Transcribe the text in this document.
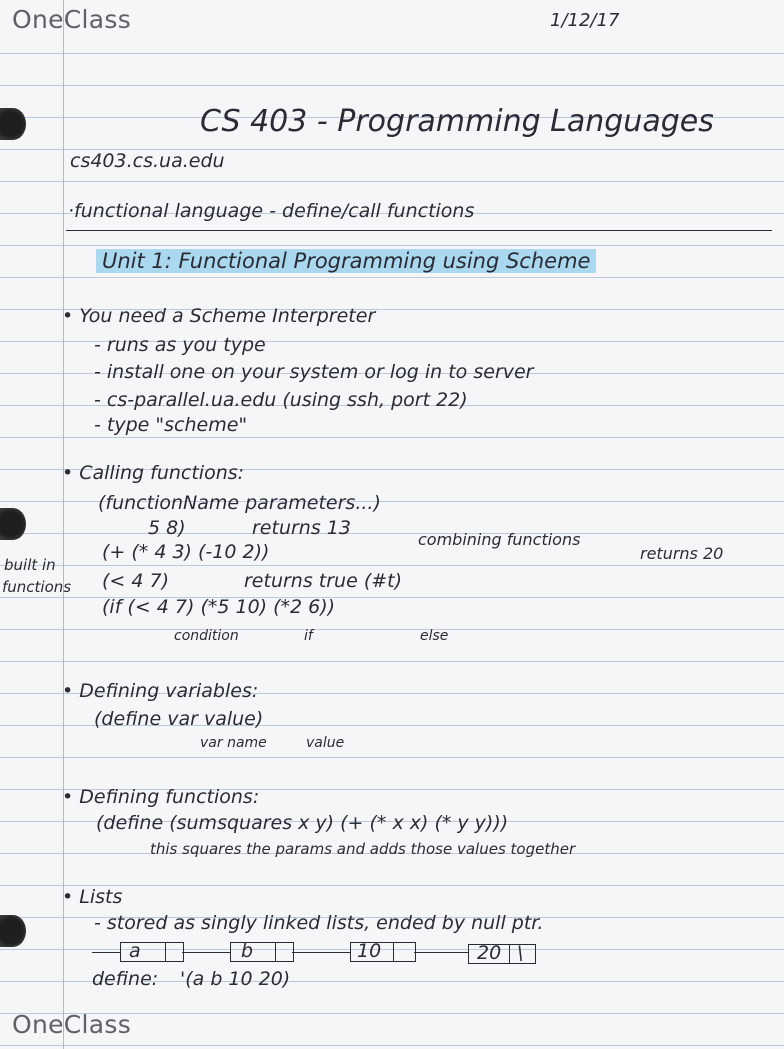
OneClass
OneClass
1/12/17
CS 403 - Programming Languages
cs403.cs.ua.edu
·functional language - define/call functions
Unit 1: Functional Programming using Scheme
• You need a Scheme Interpreter
- runs as you type
- install one on your system or log in to server
- cs-parallel.ua.edu (using ssh, port 22)
- type "scheme"
• Calling functions:
(functionName parameters...)
5 8)	returns 13
(+ (* 4 3) (-10 2))
combining functions
returns 20
built in
functions (< 4 7)	returns true (#t)
(if (< 4 7) (*5 10) (*2 6))
condition	if	else
• Defining variables:
(define var value)
var name	value
• Defining functions:
(define (sumsquares x y) (+ (* x x) (* y y)))
this squares the params and adds those values together
• Lists
- stored as singly linked lists, ended by null ptr.
a	b	10	20 \
define: '(a b 10 20)
